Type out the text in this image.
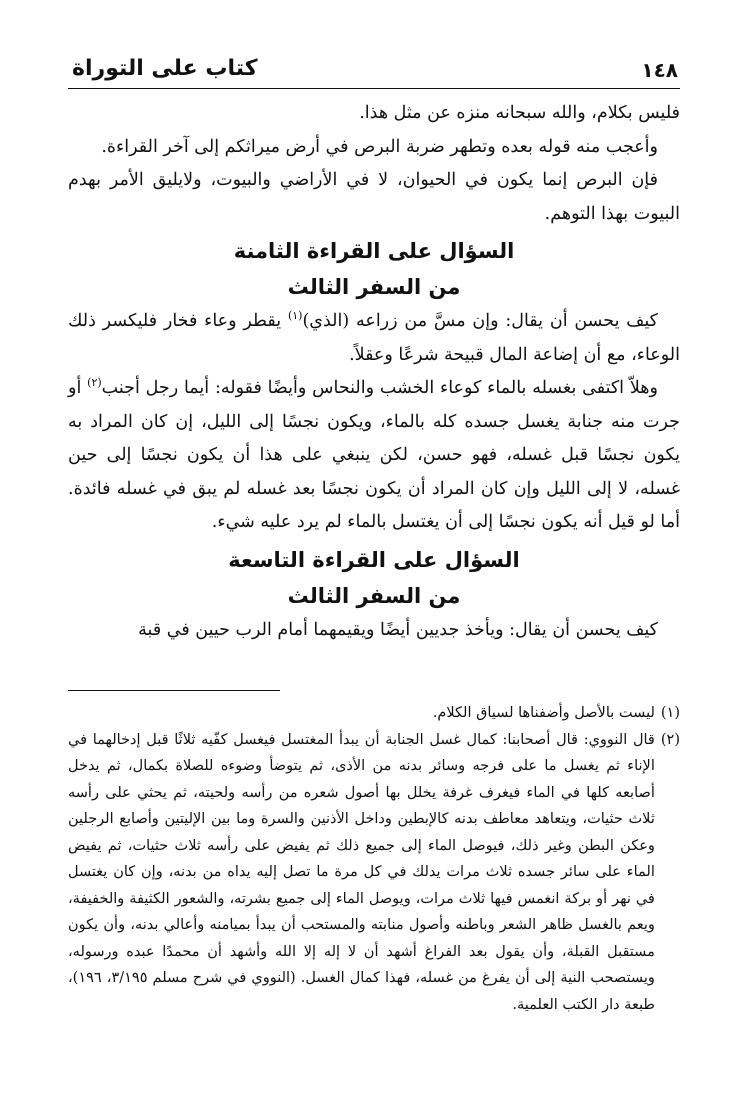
١٤٨
كتاب على التوراة

فليس بكلام، والله سبحانه منزه عن مثل هذا.

وأعجب منه قوله بعده وتطهر ضربة البرص في أرض ميراثكم إلى آخر القراءة.

فإن البرص إنما يكون في الحيوان، لا في الأراضي والبيوت، ولايليق الأمر بهدم البيوت بهذا التوهم.

السؤال على القراءة الثامنة
من السفر الثالث

كيف يحسن أن يقال: وإن مسَّ من زراعه (الذي)$^{(١)}$ يقطر وعاء فخار فليكسر ذلك الوعاء، مع أن إضاعة المال قبيحة شرعًا وعقلاً.

وهلاّ اكتفى بغسله بالماء كوعاء الخشب والنحاس وأيضًا فقوله: أيما رجل أجنب$^{(٢)}$ أو جرت منه جنابة يغسل جسده كله بالماء، ويكون نجسًا إلى الليل، إن كان المراد به يكون نجسًا قبل غسله، فهو حسن، لكن ينبغي على هذا أن يكون نجسًا إلى حين غسله، لا إلى الليل وإن كان المراد أن يكون نجسًا بعد غسله لم يبق في غسله فائدة. أما لو قيل أنه يكون نجسًا إلى أن يغتسل بالماء لم يرد عليه شيء.

السؤال على القراءة التاسعة
من السفر الثالث

كيف يحسن أن يقال: ويأخذ جديين أيضًا ويقيمهما أمام الرب حيين في قبة

(١)
ليست بالأصل وأضفناها لسياق الكلام.
(٢)
قال النووي: قال أصحابنا: كمال غسل الجنابة أن يبدأ المغتسل فيغسل كفّيه ثلاثًا قبل إدخالهما في الإناء ثم يغسل ما على فرجه وسائر بدنه من الأذى، ثم يتوضأ وضوءه للصلاة بكمال، ثم يدخل أصابعه كلها في الماء فيغرف غرفة يخلل بها أصول شعره من رأسه ولحيته، ثم يحثي على رأسه ثلاث حثيات، ويتعاهد معاطف بدنه كالإبطين وداخل الأذنين والسرة وما بين الإليتين وأصابع الرجلين وعكن البطن وغير ذلك، فيوصل الماء إلى جميع ذلك ثم يفيض على رأسه ثلاث حثيات، ثم يفيض الماء على سائر جسده ثلاث مرات يدلك في كل مرة ما تصل إليه يداه من بدنه، وإن كان يغتسل في نهر أو بركة انغمس فيها ثلاث مرات، ويوصل الماء إلى جميع بشرته، والشعور الكثيفة والخفيفة، ويعم بالغسل ظاهر الشعر وباطنه وأصول منابته والمستحب أن يبدأ بميامنه وأعالي بدنه، وأن يكون مستقبل القبلة، وأن يقول بعد الفراغ أشهد أن لا إله إلا الله وأشهد أن محمدًا عبده ورسوله، ويستصحب النية إلى أن يفرغ من غسله، فهذا كمال الغسل. (النووي في شرح مسلم ٣/١٩٥، ١٩٦)، طبعة دار الكتب العلمية.
